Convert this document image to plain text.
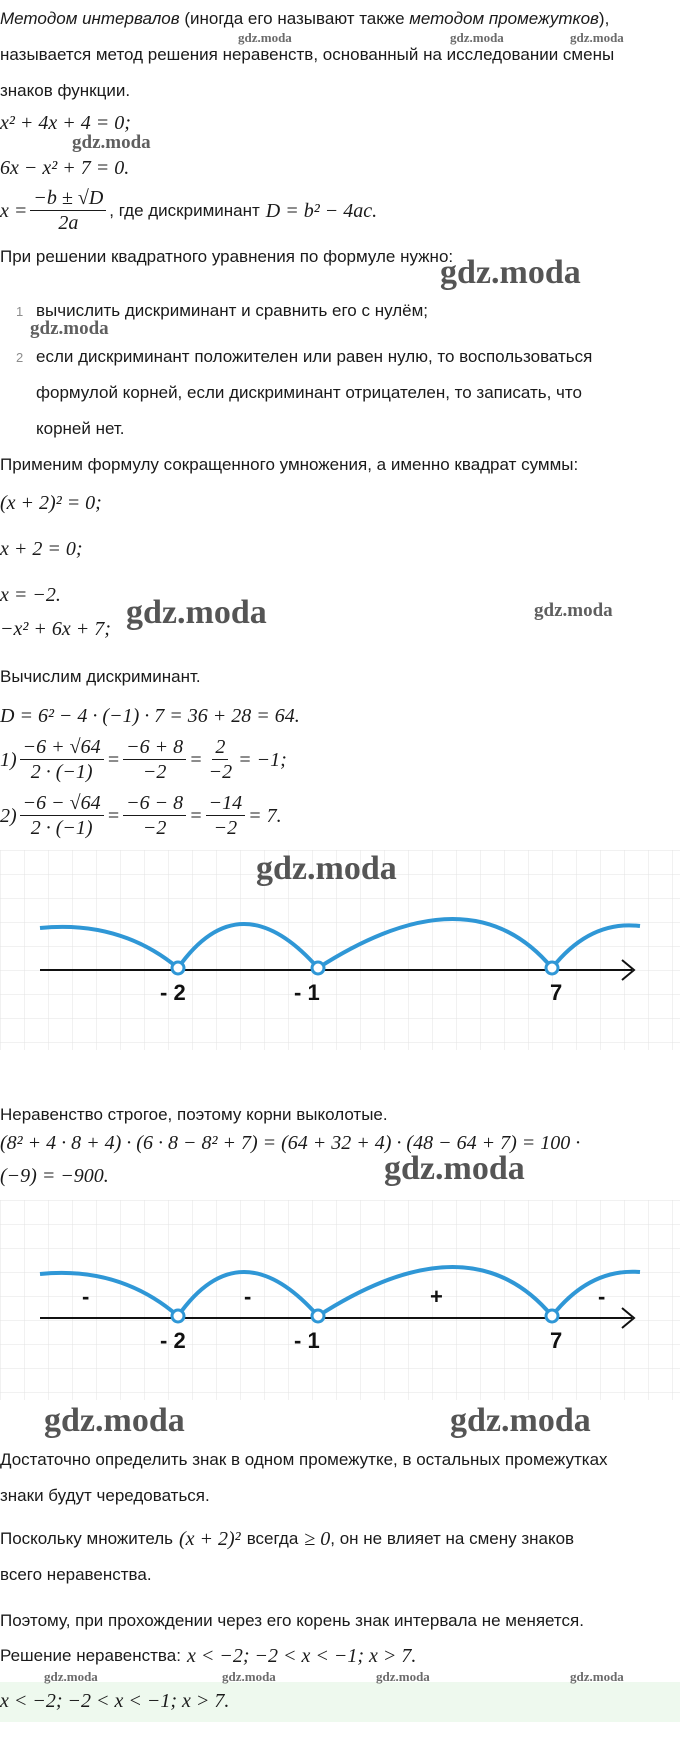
Методом интервалов (иногда его называют также методом промежутков),
называется метод решения неравенств, основанный на исследовании смены
знаков функции.
x² + 4x + 4 = 0;
6x − x² + 7 = 0.
$x = \frac{-b \pm √D}{2a}$ , где дискриминант D = b² − 4ac.
При решении квадратного уравнения по формуле нужно:
1 вычислить дискриминант и сравнить его с нулём;
2 если дискриминант положителен или равен нулю, то воспользоваться
формулой корней, если дискриминант отрицателен, то записать, что
корней нет.
Применим формулу сокращенного умножения, а именно квадрат суммы:
(x + 2)² = 0;
x + 2 = 0;
x = −2.
−x² + 6x + 7;
Вычислим дискриминант.
D = 6² − 4 · (−1) · 7 = 36 + 28 = 64.
$1) \frac{-6 + √64}{2 \cdot (-1)} = \frac{-6 + 8}{-2} = \frac{2}{-2} = -1$;
$2) \frac{-6 - √64}{2 \cdot (-1)} = \frac{-6 - 8}{-2} = \frac{-14}{-2} = 7$.
- 2	- 1	7
Неравенство строгое, поэтому корни выколотые.
(8² + 4 · 8 + 4) · (6 · 8 − 8² + 7) = (64 + 32 + 4) · (48 − 64 + 7) = 100 ·
(−9) = −900.
-	-	+	-
- 2	- 1	7
Достаточно определить знак в одном промежутке, в остальных промежутках
знаки будут чередоваться.
Поскольку множитель (x + 2)² всегда ≥ 0 , он не влияет на смену знаков
всего неравенства.
Поэтому, при прохождении через его корень знак интервала не меняется.
Решение неравенства: x < −2; −2 < x < −1; x > 7.
x < −2; −2 < x < −1; x > 7.
gdz.moda	gdz.moda	gdz.moda
gdz.moda
gdz.moda
gdz.moda
gdz.moda	gdz.moda
gdz.moda
gdz.moda
gdz.moda	gdz.moda
gdz.moda	gdz.moda	gdz.moda	gdz.moda
